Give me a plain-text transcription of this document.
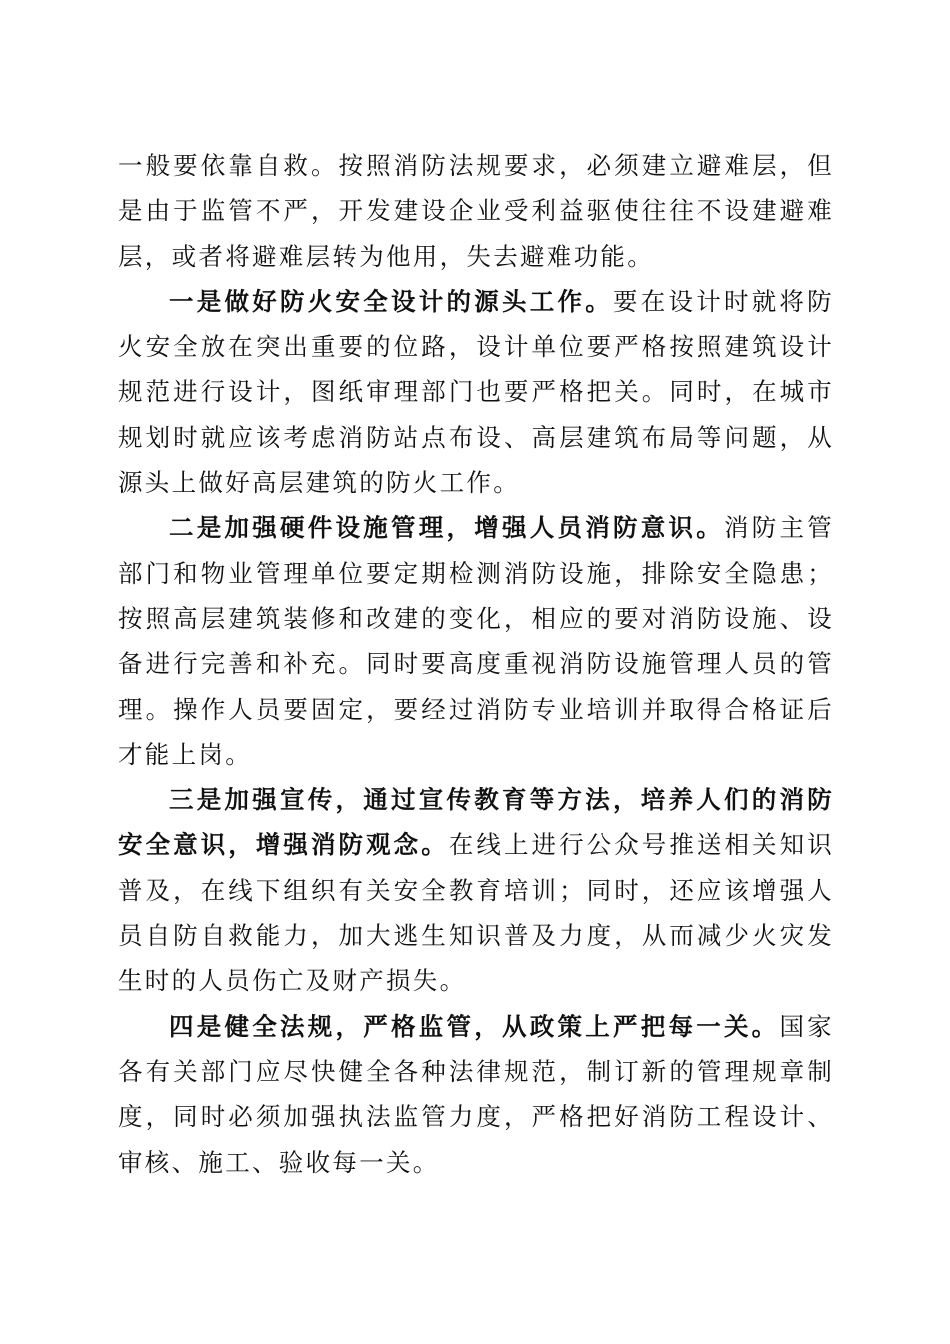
一般要依靠自救。按照消防法规要求，必须建立避难层，但是由于监管不严，开发建设企业受利益驱使往往不设建避难层，或者将避难层转为他用，失去避难功能。

一是做好防火安全设计的源头工作。要在设计时就将防火安全放在突出重要的位路，设计单位要严格按照建筑设计规范进行设计，图纸审理部门也要严格把关。同时，在城市规划时就应该考虑消防站点布设、高层建筑布局等问题，从源头上做好高层建筑的防火工作。

二是加强硬件设施管理，增强人员消防意识。消防主管部门和物业管理单位要定期检测消防设施，排除安全隐患；按照高层建筑装修和改建的变化，相应的要对消防设施、设备进行完善和补充。同时要高度重视消防设施管理人员的管理。操作人员要固定，要经过消防专业培训并取得合格证后才能上岗。

三是加强宣传，通过宣传教育等方法，培养人们的消防安全意识，增强消防观念。在线上进行公众号推送相关知识普及，在线下组织有关安全教育培训；同时，还应该增强人员自防自救能力，加大逃生知识普及力度，从而减少火灾发生时的人员伤亡及财产损失。

四是健全法规，严格监管，从政策上严把每一关。国家各有关部门应尽快健全各种法律规范，制订新的管理规章制度，同时必须加强执法监管力度，严格把好消防工程设计、审核、施工、验收每一关。
